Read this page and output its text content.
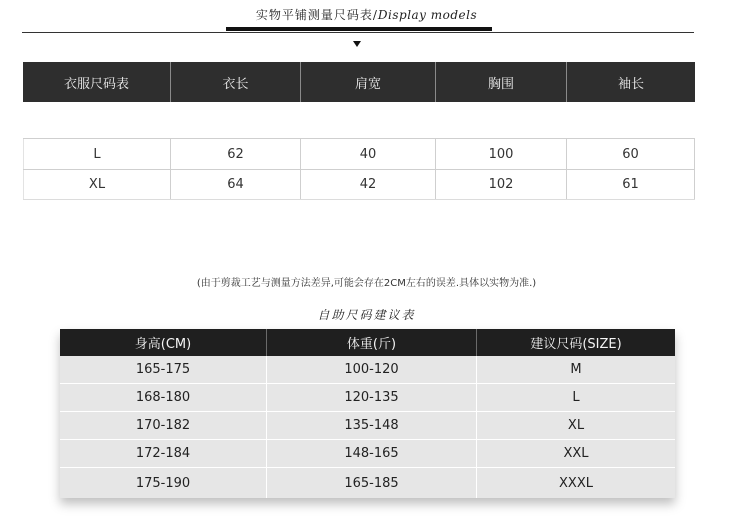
实物平铺测量尺码表/Display models
衣服尺码表	衣长	肩宽	胸围	袖长
L	62	40	100	60
XL	64	42	102	61
(由于剪裁工艺与测量方法差异,可能会存在2CM左右的误差.具体以实物为准.)
自助尺码建议表
身高(CM)	体重(斤)	建议尺码(SIZE)
165-175	100-120	M
168-180	120-135	L
170-182	135-148	XL
172-184	148-165	XXL
175-190	165-185	XXXL
